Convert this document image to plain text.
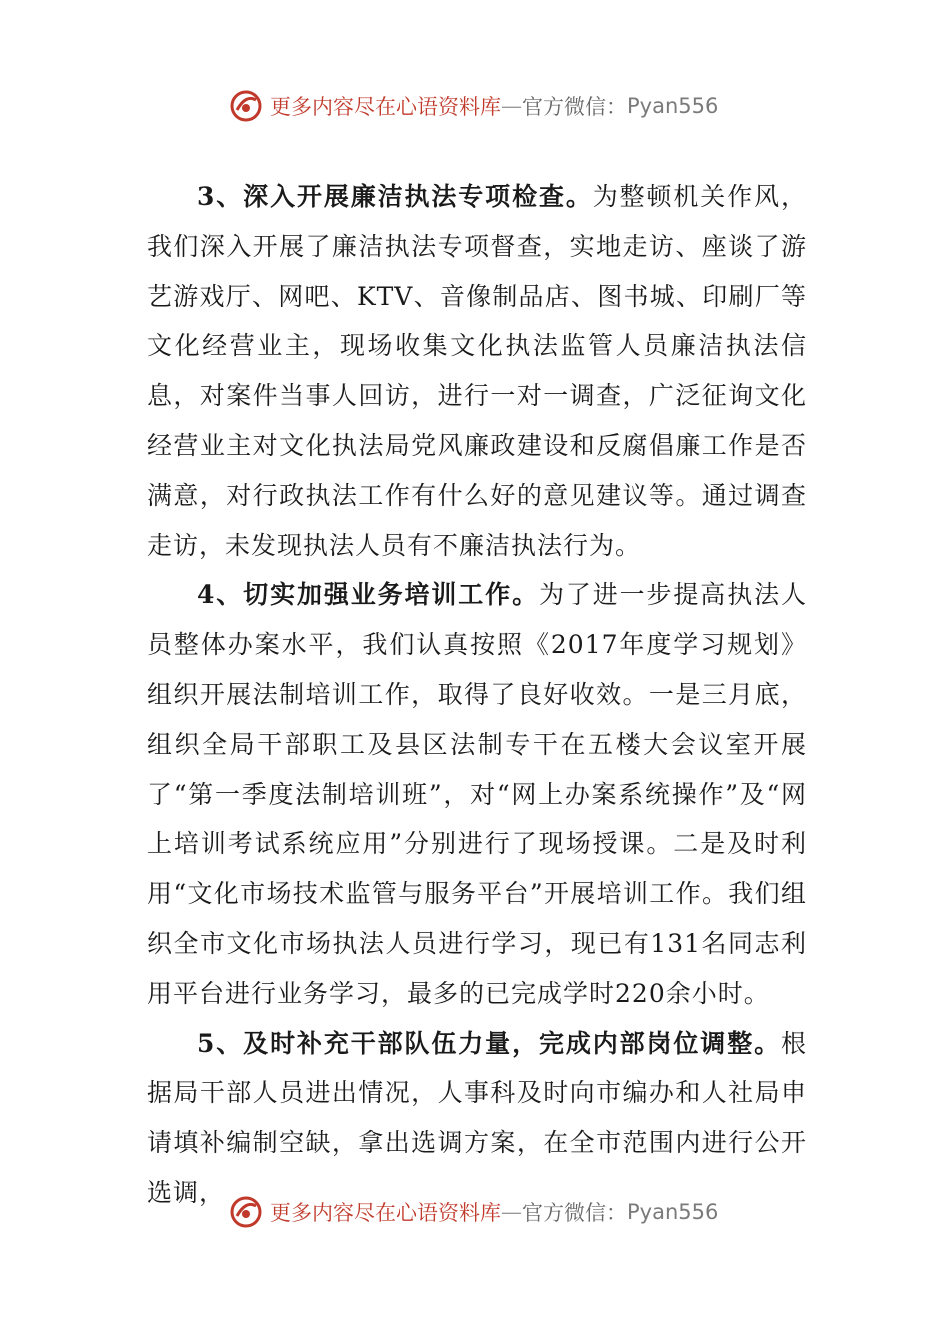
更多内容尽在心语资料库 — 官方微信： Pyan556

3、深入开展廉洁执法专项检查。为整顿机关作风，我们深入开展了廉洁执法专项督查，实地走访、座谈了游艺游戏厅、网吧、KTV、音像制品店、图书城、印刷厂等文化经营业主，现场收集文化执法监管人员廉洁执法信息，对案件当事人回访，进行一对一调查，广泛征询文化经营业主对文化执法局党风廉政建设和反腐倡廉工作是否满意，对行政执法工作有什么好的意见建议等。通过调查走访，未发现执法人员有不廉洁执法行为。

4、切实加强业务培训工作。为了进一步提高执法人员整体办案水平，我们认真按照《2017年度学习规划》组织开展法制培训工作，取得了良好收效。一是三月底，组织全局干部职工及县区法制专干在五楼大会议室开展了“第一季度法制培训班”，对“网上办案系统操作”及“网上培训考试系统应用”分别进行了现场授课。二是及时利用“文化市场技术监管与服务平台”开展培训工作。我们组织全市文化市场执法人员进行学习，现已有131名同志利用平台进行业务学习，最多的已完成学时220余小时。

5、及时补充干部队伍力量，完成内部岗位调整。根据局干部人员进出情况，人事科及时向市编办和人社局申请填补编制空缺，拿出选调方案，在全市范围内进行公开选调，

更多内容尽在心语资料库 — 官方微信： Pyan556
